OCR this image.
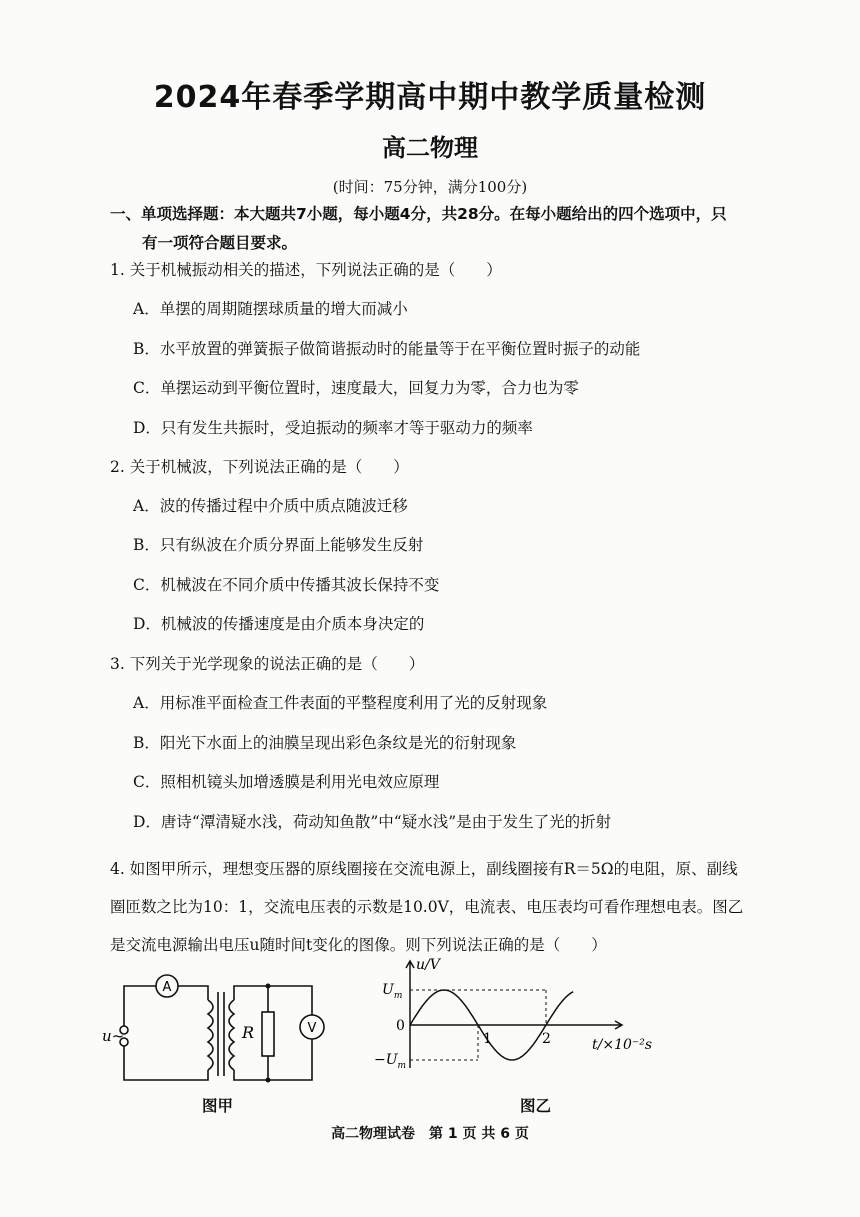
2024年春季学期高中期中教学质量检测
高二物理
(时间：75分钟，满分100分)
一、单项选择题：本大题共7小题，每小题4分，共28分。在每小题给出的四个选项中，只
有一项符合题目要求。
1. 关于机械振动相关的描述，下列说法正确的是（　　）
A．单摆的周期随摆球质量的增大而减小
B．水平放置的弹簧振子做简谐振动时的能量等于在平衡位置时振子的动能
C．单摆运动到平衡位置时，速度最大，回复力为零，合力也为零
D．只有发生共振时，受迫振动的频率才等于驱动力的频率
2. 关于机械波，下列说法正确的是（　　）
A．波的传播过程中介质中质点随波迁移
B．只有纵波在介质分界面上能够发生反射
C．机械波在不同介质中传播其波长保持不变
D．机械波的传播速度是由介质本身决定的
3. 下列关于光学现象的说法正确的是（　　）
A．用标准平面检查工件表面的平整程度利用了光的反射现象
B．阳光下水面上的油膜呈现出彩色条纹是光的衍射现象
C．照相机镜头加增透膜是利用光电效应原理
D．唐诗“潭清疑水浅，荷动知鱼散”中“疑水浅”是由于发生了光的折射
4. 如图甲所示，理想变压器的原线圈接在交流电源上，副线圈接有R＝5Ω的电阻，原、副线
圈匝数之比为10：1，交流电压表的示数是10.0V，电流表、电压表均可看作理想电表。图乙
是交流电源输出电压u随时间t变化的图像。则下列说法正确的是（　　）
A
V
R
u~
图甲
u/V
$U_m$
0
$-U_m$
1	2	t/×10⁻²s
图乙
高二物理试卷　第 1 页 共 6 页
